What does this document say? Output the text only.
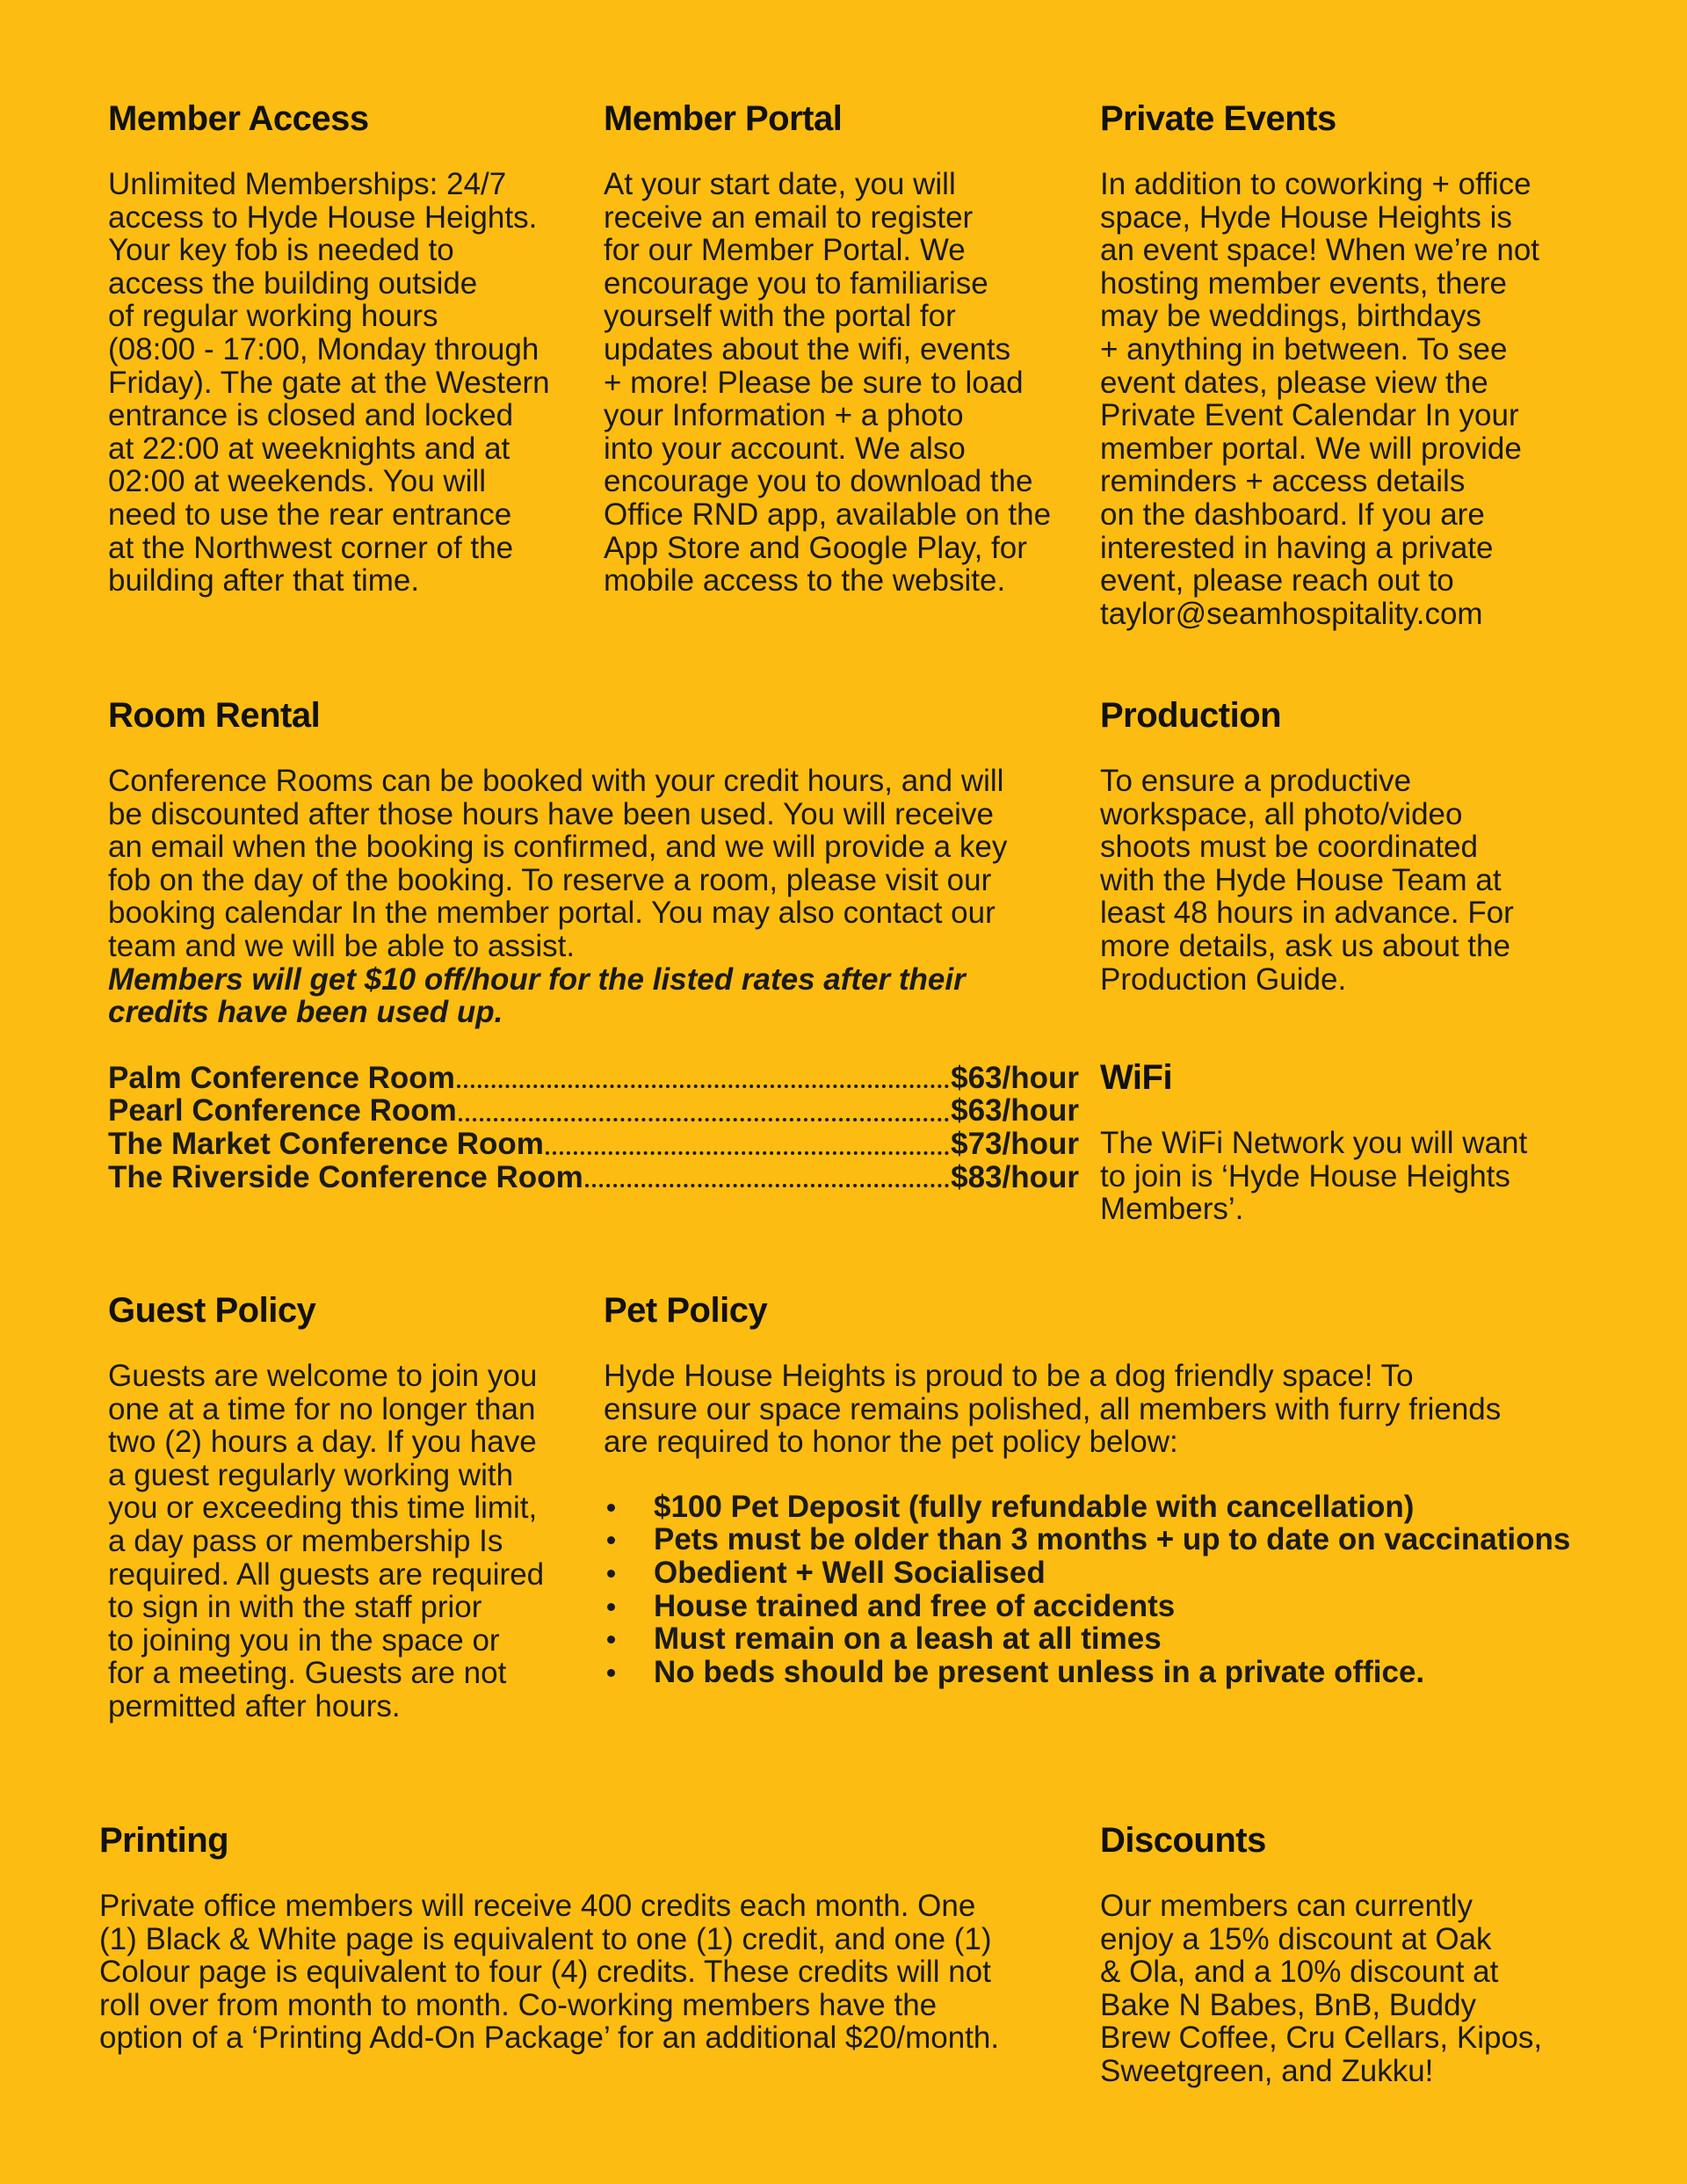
Member Access
Unlimited Memberships: 24/7
access to Hyde House Heights.
Your key fob is needed to
access the building outside
of regular working hours
(08:00 - 17:00, Monday through
Friday). The gate at the Western
entrance is closed and locked
at 22:00 at weeknights and at
02:00 at weekends. You will
need to use the rear entrance
at the Northwest corner of the
building after that time.
Member Portal
At your start date, you will
receive an email to register
for our Member Portal. We
encourage you to familiarise
yourself with the portal for
updates about the wifi, events
+ more! Please be sure to load
your Information + a photo
into your account. We also
encourage you to download the
Office RND app, available on the
App Store and Google Play, for
mobile access to the website.
Private Events
In addition to coworking + office
space, Hyde House Heights is
an event space! When we’re not
hosting member events, there
may be weddings, birthdays
+ anything in between. To see
event dates, please view the
Private Event Calendar In your
member portal. We will provide
reminders + access details
on the dashboard. If you are
interested in having a private
event, please reach out to
taylor@seamhospitality.com
Room Rental
Conference Rooms can be booked with your credit hours, and will
be discounted after those hours have been used. You will receive
an email when the booking is confirmed, and we will provide a key
fob on the day of the booking. To reserve a room, please visit our
booking calendar In the member portal. You may also contact our
team and we will be able to assist.
Members will get $10 off/hour for the listed rates after their
credits have been used up.
Palm Conference Room	$63/hour
Pearl Conference Room	$63/hour
The Market Conference Room	$73/hour
The Riverside Conference Room	$83/hour
Production
To ensure a productive
workspace, all photo/video
shoots must be coordinated
with the Hyde House Team at
least 48 hours in advance. For
more details, ask us about the
Production Guide.
WiFi
The WiFi Network you will want
to join is ‘Hyde House Heights
Members’.
Guest Policy
Guests are welcome to join you
one at a time for no longer than
two (2) hours a day. If you have
a guest regularly working with
you or exceeding this time limit,
a day pass or membership Is
required. All guests are required
to sign in with the staff prior
to joining you in the space or
for a meeting. Guests are not
permitted after hours.
Pet Policy
Hyde House Heights is proud to be a dog friendly space! To
ensure our space remains polished, all members with furry friends
are required to honor the pet policy below:
$100 Pet Deposit (fully refundable with cancellation)
Pets must be older than 3 months + up to date on vaccinations
Obedient + Well Socialised
House trained and free of accidents
Must remain on a leash at all times
No beds should be present unless in a private office.
Printing
Private office members will receive 400 credits each month. One
(1) Black & White page is equivalent to one (1) credit, and one (1)
Colour page is equivalent to four (4) credits. These credits will not
roll over from month to month. Co-working members have the
option of a ‘Printing Add-On Package’ for an additional $20/month.
Discounts
Our members can currently
enjoy a 15% discount at Oak
& Ola, and a 10% discount at
Bake N Babes, BnB, Buddy
Brew Coffee, Cru Cellars, Kipos,
Sweetgreen, and Zukku!
